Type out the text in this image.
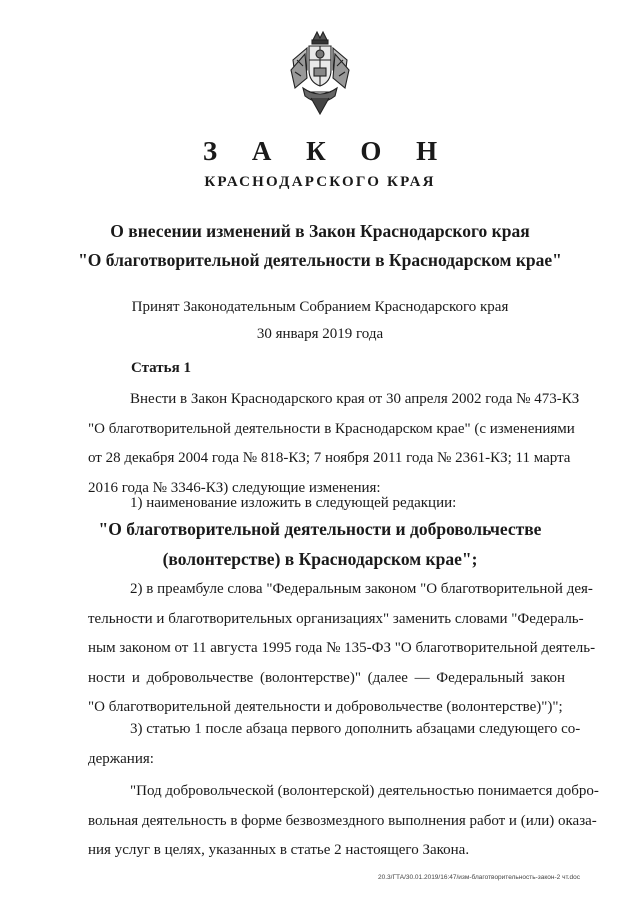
З А К О Н
КРАСНОДАРСКОГО КРАЯ
О внесении изменений в Закон Краснодарского края
"О благотворительной деятельности в Краснодарском крае"
Принят Законодательным Собранием Краснодарского края
30 января 2019 года
Статья 1
Внести в Закон Краснодарского края от 30 апреля 2002 года № 473-КЗ
"О благотворительной деятельности в Краснодарском крае" (с изменениями
от 28 декабря 2004 года № 818-КЗ; 7 ноября 2011 года № 2361-КЗ; 11 марта
2016 года № 3346-КЗ) следующие изменения:
1) наименование изложить в следующей редакции:
"О благотворительной деятельности и добровольчестве
(волонтерстве) в Краснодарском крае";
2) в преамбуле слова "Федеральным законом "О благотворительной дея-
тельности и благотворительных организациях" заменить словами "Федераль-
ным законом от 11 августа 1995 года № 135-ФЗ "О благотворительной деятель-
ности и добровольчестве (волонтерстве)" (далее — Федеральный закон
"О благотворительной деятельности и добровольчестве (волонтерстве)")";
3) статью 1 после абзаца первого дополнить абзацами следующего со-
держания:
"Под добровольческой (волонтерской) деятельностью понимается добро-
вольная деятельность в форме безвозмездного выполнения работ и (или) оказа-
ния услуг в целях, указанных в статье 2 настоящего Закона.
20.3/ГТА/30.01.2019/16:47/изм-благотворительность-закон-2 чт.doc
